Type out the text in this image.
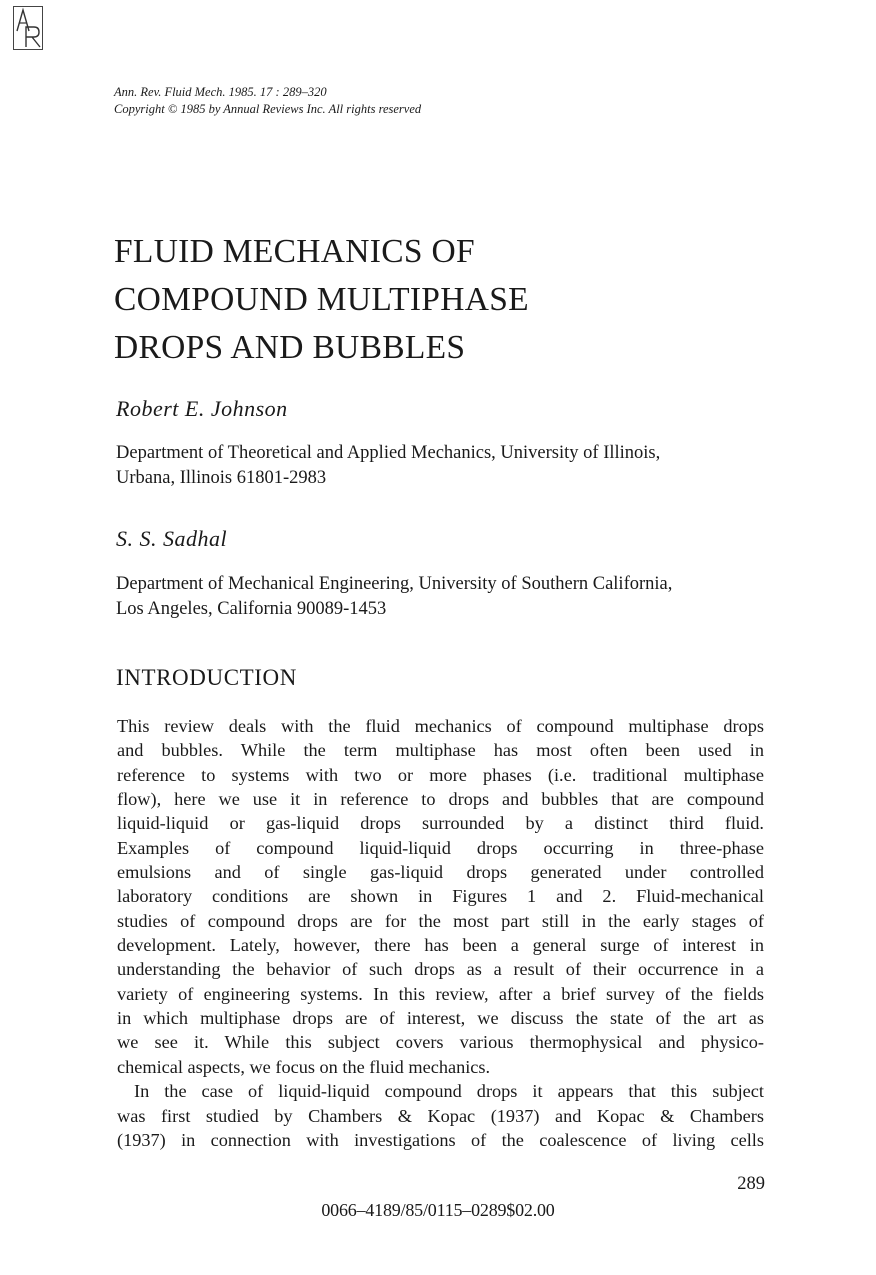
Ann. Rev. Fluid Mech. 1985. 17 : 289–320
Copyright © 1985 by Annual Reviews Inc. All rights reserved
FLUID MECHANICS OF
COMPOUND MULTIPHASE
DROPS AND BUBBLES
Robert E. Johnson
Department of Theoretical and Applied Mechanics, University of Illinois,
Urbana, Illinois 61801-2983
S. S. Sadhal
Department of Mechanical Engineering, University of Southern California,
Los Angeles, California 90089-1453
INTRODUCTION
This review deals with the fluid mechanics of compound multiphase drops
and bubbles. While the term multiphase has most often been used in
reference to systems with two or more phases (i.e. traditional multiphase
flow), here we use it in reference to drops and bubbles that are compound
liquid-liquid or gas-liquid drops surrounded by a distinct third fluid.
Examples of compound liquid-liquid drops occurring in three-phase
emulsions and of single gas-liquid drops generated under controlled
laboratory conditions are shown in Figures 1 and 2. Fluid-mechanical
studies of compound drops are for the most part still in the early stages of
development. Lately, however, there has been a general surge of interest in
understanding the behavior of such drops as a result of their occurrence in a
variety of engineering systems. In this review, after a brief survey of the fields
in which multiphase drops are of interest, we discuss the state of the art as
we see it. While this subject covers various thermophysical and physico-
chemical aspects, we focus on the fluid mechanics.
In the case of liquid-liquid compound drops it appears that this subject
was first studied by Chambers & Kopac (1937) and Kopac & Chambers
(1937) in connection with investigations of the coalescence of living cells
289
0066–4189/85/0115–0289$02.00
